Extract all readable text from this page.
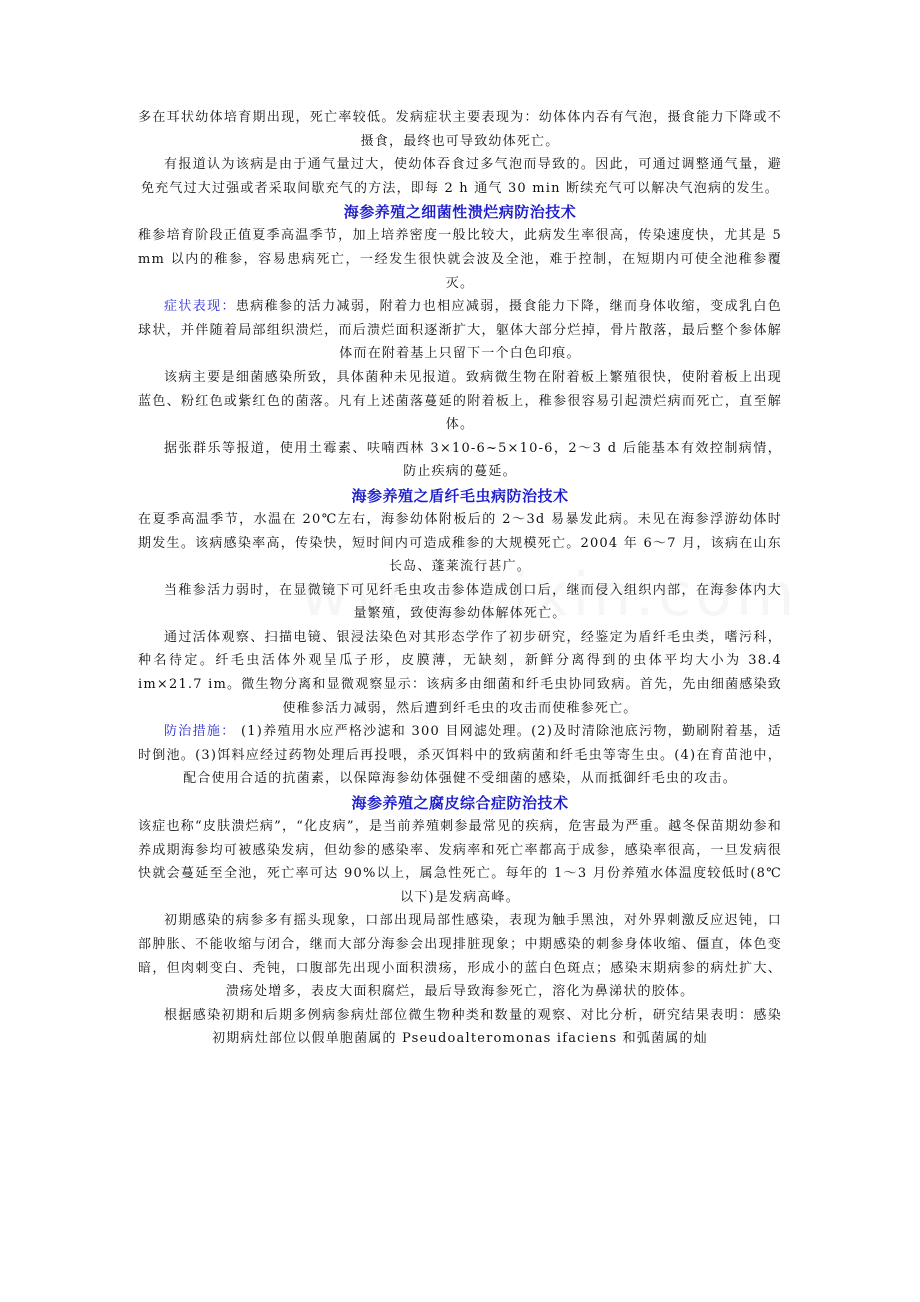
多在耳状幼体培育期出现，死亡率较低。发病症状主要表现为：幼体体内吞有气泡，摄食能力下降或不摄食，最终也可导致幼体死亡。

有报道认为该病是由于通气量过大，使幼体吞食过多气泡而导致的。因此，可通过调整通气量，避免充气过大过强或者采取间歇充气的方法，即每 2 h 通气 30 min 断续充气可以解决气泡病的发生。

海参养殖之细菌性溃烂病防治技术

稚参培育阶段正值夏季高温季节，加上培养密度一般比较大，此病发生率很高，传染速度快，尤其是 5 mm 以内的稚参，容易患病死亡，一经发生很快就会波及全池，难于控制，在短期内可使全池稚参覆灭。

症状表现：患病稚参的活力减弱，附着力也相应减弱，摄食能力下降，继而身体收缩，变成乳白色球状，并伴随着局部组织溃烂，而后溃烂面积逐渐扩大，躯体大部分烂掉，骨片散落，最后整个参体解体而在附着基上只留下一个白色印痕。

该病主要是细菌感染所致，具体菌种未见报道。致病微生物在附着板上繁殖很快，使附着板上出现蓝色、粉红色或紫红色的菌落。凡有上述菌落蔓延的附着板上，稚参很容易引起溃烂病而死亡，直至解体。

据张群乐等报道，使用土霉素、呋喃西林 3×10-6~5×10-6，2～3 d 后能基本有效控制病情，防止疾病的蔓延。

海参养殖之盾纤毛虫病防治技术

在夏季高温季节，水温在 20℃左右，海参幼体附板后的 2～3d 易暴发此病。未见在海参浮游幼体时期发生。该病感染率高，传染快，短时间内可造成稚参的大规模死亡。2004 年 6～7 月，该病在山东长岛、蓬莱流行甚广。

当稚参活力弱时，在显微镜下可见纤毛虫攻击参体造成创口后，继而侵入组织内部，在海参体内大量繁殖，致使海参幼体解体死亡。

通过活体观察、扫描电镜、银浸法染色对其形态学作了初步研究，经鉴定为盾纤毛虫类，嗜污科，种名待定。纤毛虫活体外观呈瓜子形，皮膜薄，无缺刻，新鲜分离得到的虫体平均大小为 38.4 im×21.7 im。微生物分离和显微观察显示：该病多由细菌和纤毛虫协同致病。首先，先由细菌感染致使稚参活力减弱，然后遭到纤毛虫的攻击而使稚参死亡。

防治措施： (1)养殖用水应严格沙滤和 300 目网滤处理。(2)及时清除池底污物，勤刷附着基，适时倒池。(3)饵料应经过药物处理后再投喂，杀灭饵料中的致病菌和纤毛虫等寄生虫。(4)在育苗池中，配合使用合适的抗菌素，以保障海参幼体强健不受细菌的感染，从而抵御纤毛虫的攻击。

海参养殖之腐皮综合症防治技术

该症也称“皮肤溃烂病”，“化皮病”，是当前养殖刺参最常见的疾病，危害最为严重。越冬保苗期幼参和养成期海参均可被感染发病，但幼参的感染率、发病率和死亡率都高于成参，感染率很高，一旦发病很快就会蔓延至全池，死亡率可达 90%以上，属急性死亡。每年的 1～3 月份养殖水体温度较低时(8℃以下)是发病高峰。

初期感染的病参多有摇头现象，口部出现局部性感染，表现为触手黑浊，对外界刺激反应迟钝，口部肿胀、不能收缩与闭合，继而大部分海参会出现排脏现象；中期感染的刺参身体收缩、僵直，体色变暗，但肉刺变白、秃钝，口腹部先出现小面积溃疡，形成小的蓝白色斑点；感染末期病参的病灶扩大、溃疡处增多，表皮大面积腐烂，最后导致海参死亡，溶化为鼻涕状的胶体。

根据感染初期和后期多例病参病灶部位微生物种类和数量的观察、对比分析，研究结果表明：感染初期病灶部位以假单胞菌属的 Pseudoalteromonas ifaciens 和弧菌属的灿
